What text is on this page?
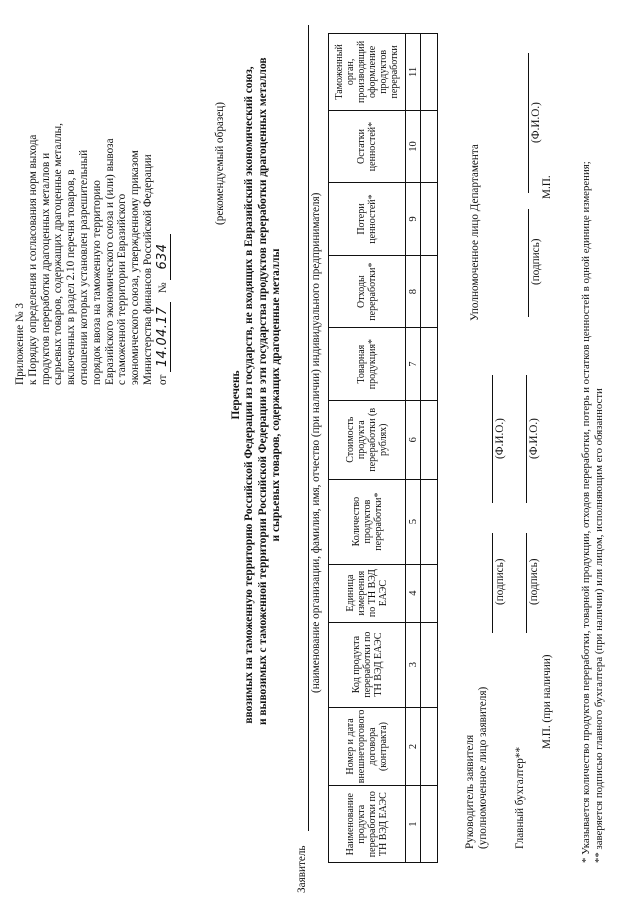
Приложение № 3 к Порядку определения и согласования норм выхода продуктов переработки драгоценных металлов и сырьевых товаров, содержащих драгоценные металлы, включенных в раздел 2.10 перечня товаров, в отношении которых установлен разрешительный порядок ввоза на таможенную территорию Евразийского экономического союза и (или) вывоза с таможенной территории Евразийского экономического союза, утвержденному приказом Министерства финансов Российской Федерации от 14.04.17 № 634
(рекомендуемый образец)
Перечень ввозимых на таможенную территорию Российской Федерации из государств, не входящих в Евразийский экономический союз, и вывозимых с таможенной территории Российской Федерации в эти государства продуктов переработки драгоценных металлов и сырьевых товаров, содержащих драгоценные металлы
Заявитель
(наименование организации, фамилия, имя, отчество (при наличии) индивидуального предпринимателя)
Наименование продукта переработки по ТН ВЭД ЕАЭС	Номер и дата внешнеторгового договора (контракта)	Код продукта переработки по ТН ВЭД ЕАЭС	Единица измерения по ТН ВЭД ЕАЭС	Количество продуктов переработки*	Стоимость продукта переработки (в рублях)	Товарная продукция*	Отходы переработки*	Потери ценностей*	Остатки ценностей*	Таможенный орган, производящий оформление продуктов переработки
1	2	3	4	5	6	7	8	9	10	11

Руководитель заявителя (уполномоченное лицо заявителя)
(подпись)
(Ф.И.О.)
Главный бухгалтер**
(подпись)
(Ф.И.О.)
М.П. (при наличии)
Уполномоченное лицо Департамента	(подпись)
(Ф.И.О.)
М.П.	* Указывается количество продуктов переработки, товарной продукции, отходов переработки, потерь и остатков ценностей в одной единице измерения; ** заверяется подписью главного бухгалтера (при наличии) или лицом, исполняющим его обязанности
